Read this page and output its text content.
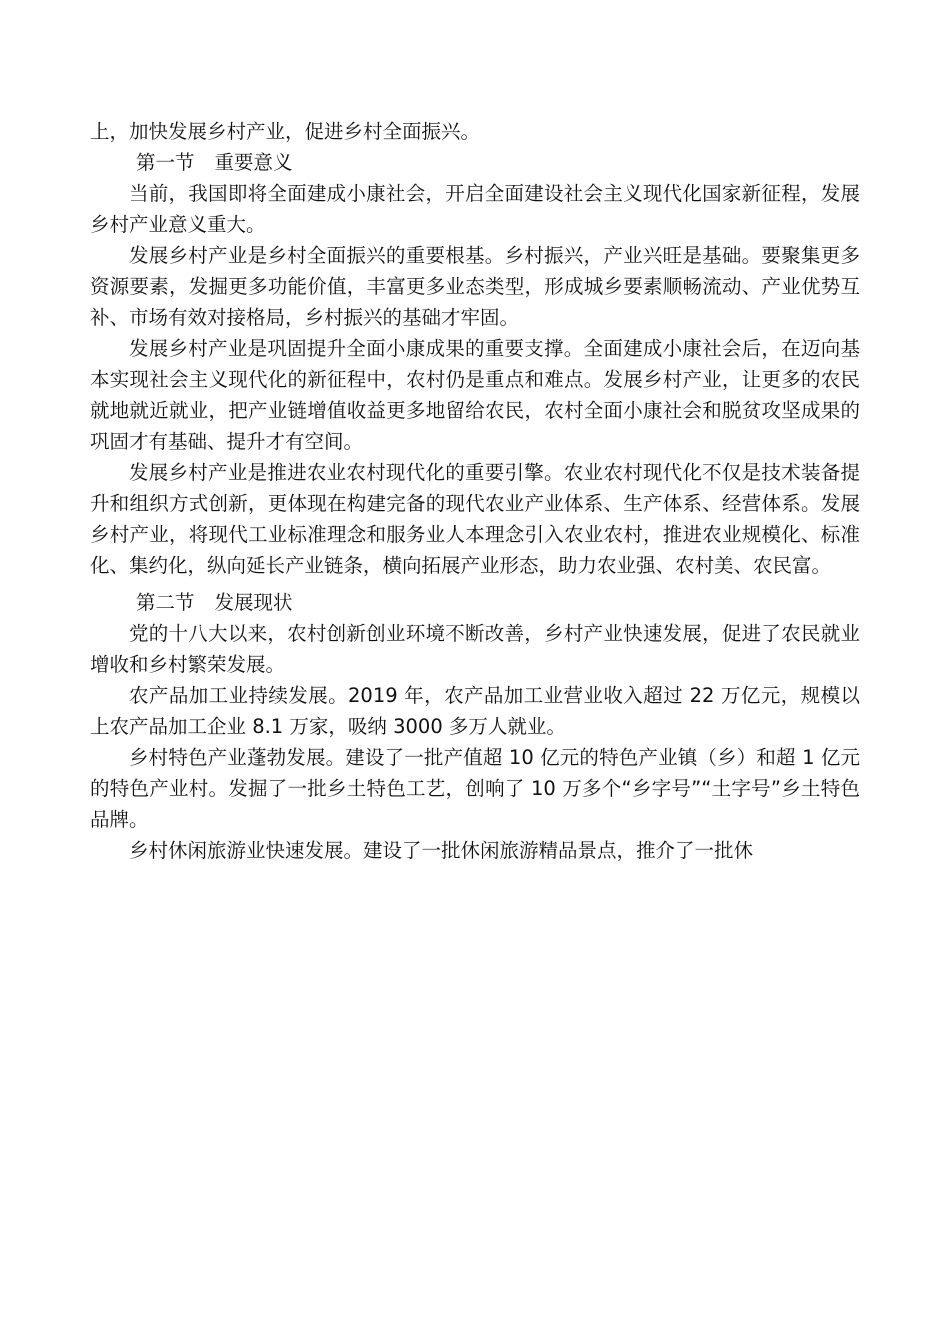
上，加快发展乡村产业，促进乡村全面振兴。

第一节 重要意义

当前，我国即将全面建成小康社会，开启全面建设社会主义现代化国家新征程，发展乡村产业意义重大。

发展乡村产业是乡村全面振兴的重要根基。乡村振兴，产业兴旺是基础。要聚集更多资源要素，发掘更多功能价值，丰富更多业态类型，形成城乡要素顺畅流动、产业优势互补、市场有效对接格局，乡村振兴的基础才牢固。

发展乡村产业是巩固提升全面小康成果的重要支撑。全面建成小康社会后，在迈向基本实现社会主义现代化的新征程中，农村仍是重点和难点。发展乡村产业，让更多的农民就地就近就业，把产业链增值收益更多地留给农民，农村全面小康社会和脱贫攻坚成果的巩固才有基础、提升才有空间。

发展乡村产业是推进农业农村现代化的重要引擎。农业农村现代化不仅是技术装备提升和组织方式创新，更体现在构建完备的现代农业产业体系、生产体系、经营体系。发展乡村产业，将现代工业标准理念和服务业人本理念引入农业农村，推进农业规模化、标准化、集约化，纵向延长产业链条，横向拓展产业形态，助力农业强、农村美、农民富。

第二节 发展现状

党的十八大以来，农村创新创业环境不断改善，乡村产业快速发展，促进了农民就业增收和乡村繁荣发展。

农产品加工业持续发展。2019 年，农产品加工业营业收入超过 22 万亿元，规模以上农产品加工企业 8.1 万家，吸纳 3000 多万人就业。

乡村特色产业蓬勃发展。建设了一批产值超 10 亿元的特色产业镇（乡）和超 1 亿元的特色产业村。发掘了一批乡土特色工艺，创响了 10 万多个“乡字号”“土字号”乡土特色品牌。

乡村休闲旅游业快速发展。建设了一批休闲旅游精品景点，推介了一批休
